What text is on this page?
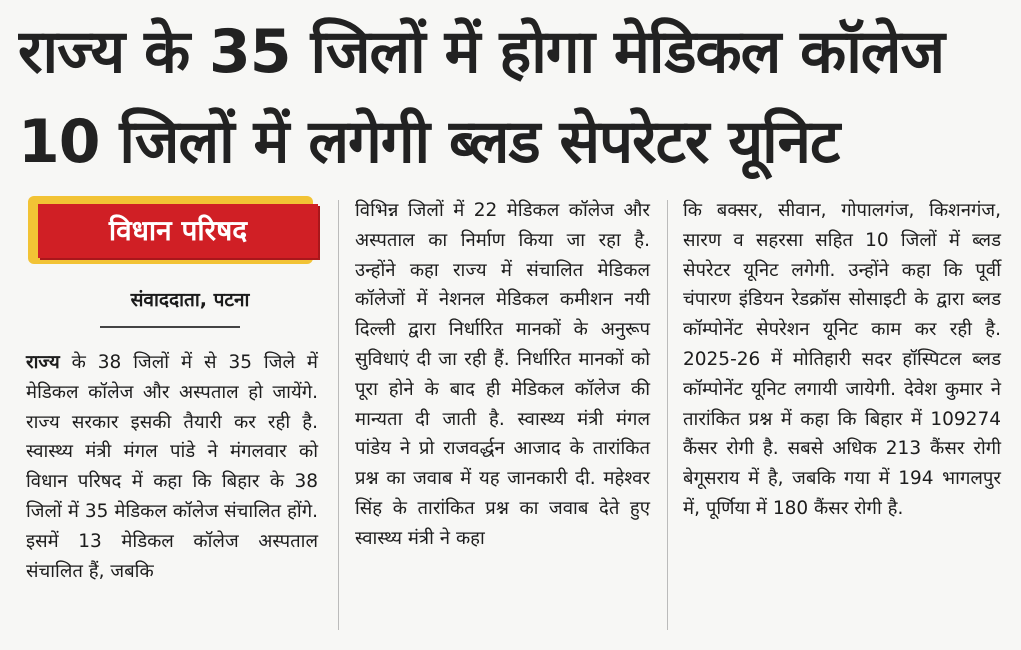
राज्य के 35 जिलों में होगा मेडिकल कॉलेज
10 जिलों में लगेगी ब्लड सेपरेटर यूनिट
विधान परिषद
संवाददाता, पटना

राज्य के 38 जिलों में से 35 जिले में मेडिकल कॉलेज और अस्पताल हो जायेंगे. राज्य सरकार इसकी तैयारी कर रही है. स्वास्थ्य मंत्री मंगल पांडे ने मंगलवार को विधान परिषद में कहा कि बिहार के 38 जिलों में 35 मेडिकल कॉलेज संचालित होंगे. इसमें 13 मेडिकल कॉलेज अस्पताल संचालित हैं, जबकि

विभिन्न जिलों में 22 मेडिकल कॉलेज और अस्पताल का निर्माण किया जा रहा है. उन्होंने कहा राज्य में संचालित मेडिकल कॉलेजों में नेशनल मेडिकल कमीशन नयी दिल्ली द्वारा निर्धारित मानकों के अनुरूप सुविधाएं दी जा रही हैं. निर्धारित मानकों को पूरा होने के बाद ही मेडिकल कॉलेज की मान्यता दी जाती है. स्वास्थ्य मंत्री मंगल पांडेय ने प्रो राजवर्द्धन आजाद के तारांकित प्रश्न का जवाब में यह जानकारी दी. महेश्वर सिंह के तारांकित प्रश्न का जवाब देते हुए स्वास्थ्य मंत्री ने कहा

कि बक्सर, सीवान, गोपालगंज, किशनगंज, सारण व सहरसा सहित 10 जिलों में ब्लड सेपरेटर यूनिट लगेगी. उन्होंने कहा कि पूर्वी चंपारण इंडियन रेडक्रॉस सोसाइटी के द्वारा ब्लड कॉम्पोनेंट सेपरेशन यूनिट काम कर रही है. 2025-26 में मोतिहारी सदर हॉस्पिटल ब्लड कॉम्पोनेंट यूनिट लगायी जायेगी. देवेश कुमार ने तारांकित प्रश्न में कहा कि बिहार में 109274 कैंसर रोगी है. सबसे अधिक 213 कैंसर रोगी बेगूसराय में है, जबकि गया में 194 भागलपुर में, पूर्णिया में 180 कैंसर रोगी है.
